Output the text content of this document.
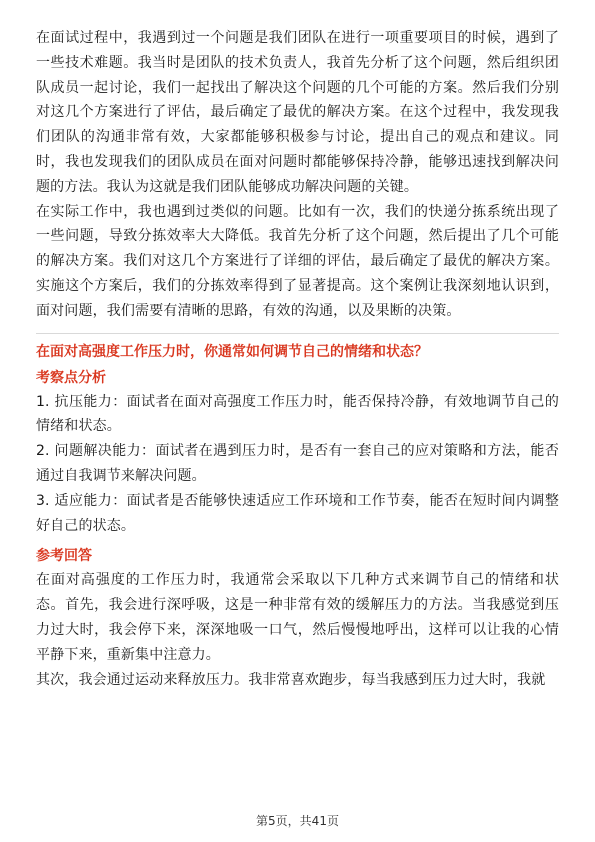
在面试过程中，我遇到过一个问题是我们团队在进行一项重要项目的时候，遇到了一些技术难题。我当时是团队的技术负责人，我首先分析了这个问题，然后组织团队成员一起讨论，我们一起找出了解决这个问题的几个可能的方案。然后我们分别对这几个方案进行了评估，最后确定了最优的解决方案。在这个过程中，我发现我们团队的沟通非常有效，大家都能够积极参与讨论，提出自己的观点和建议。同时，我也发现我们的团队成员在面对问题时都能够保持冷静，能够迅速找到解决问题的方法。我认为这就是我们团队能够成功解决问题的关键。

在实际工作中，我也遇到过类似的问题。比如有一次，我们的快递分拣系统出现了一些问题，导致分拣效率大大降低。我首先分析了这个问题，然后提出了几个可能的解决方案。我们对这几个方案进行了详细的评估，最后确定了最优的解决方案。实施这个方案后，我们的分拣效率得到了显著提高。这个案例让我深刻地认识到，面对问题，我们需要有清晰的思路，有效的沟通，以及果断的决策。

在面对高强度工作压力时，你通常如何调节自己的情绪和状态？
考察点分析

1. 抗压能力：面试者在面对高强度工作压力时，能否保持冷静，有效地调节自己的情绪和状态。

2. 问题解决能力：面试者在遇到压力时，是否有一套自己的应对策略和方法，能否通过自我调节来解决问题。

3. 适应能力：面试者是否能够快速适应工作环境和工作节奏，能否在短时间内调整好自己的状态。

参考回答

在面对高强度的工作压力时，我通常会采取以下几种方式来调节自己的情绪和状态。首先，我会进行深呼吸，这是一种非常有效的缓解压力的方法。当我感觉到压力过大时，我会停下来，深深地吸一口气，然后慢慢地呼出，这样可以让我的心情平静下来，重新集中注意力。

其次，我会通过运动来释放压力。我非常喜欢跑步，每当我感到压力过大时，我就

第5页，共41页
